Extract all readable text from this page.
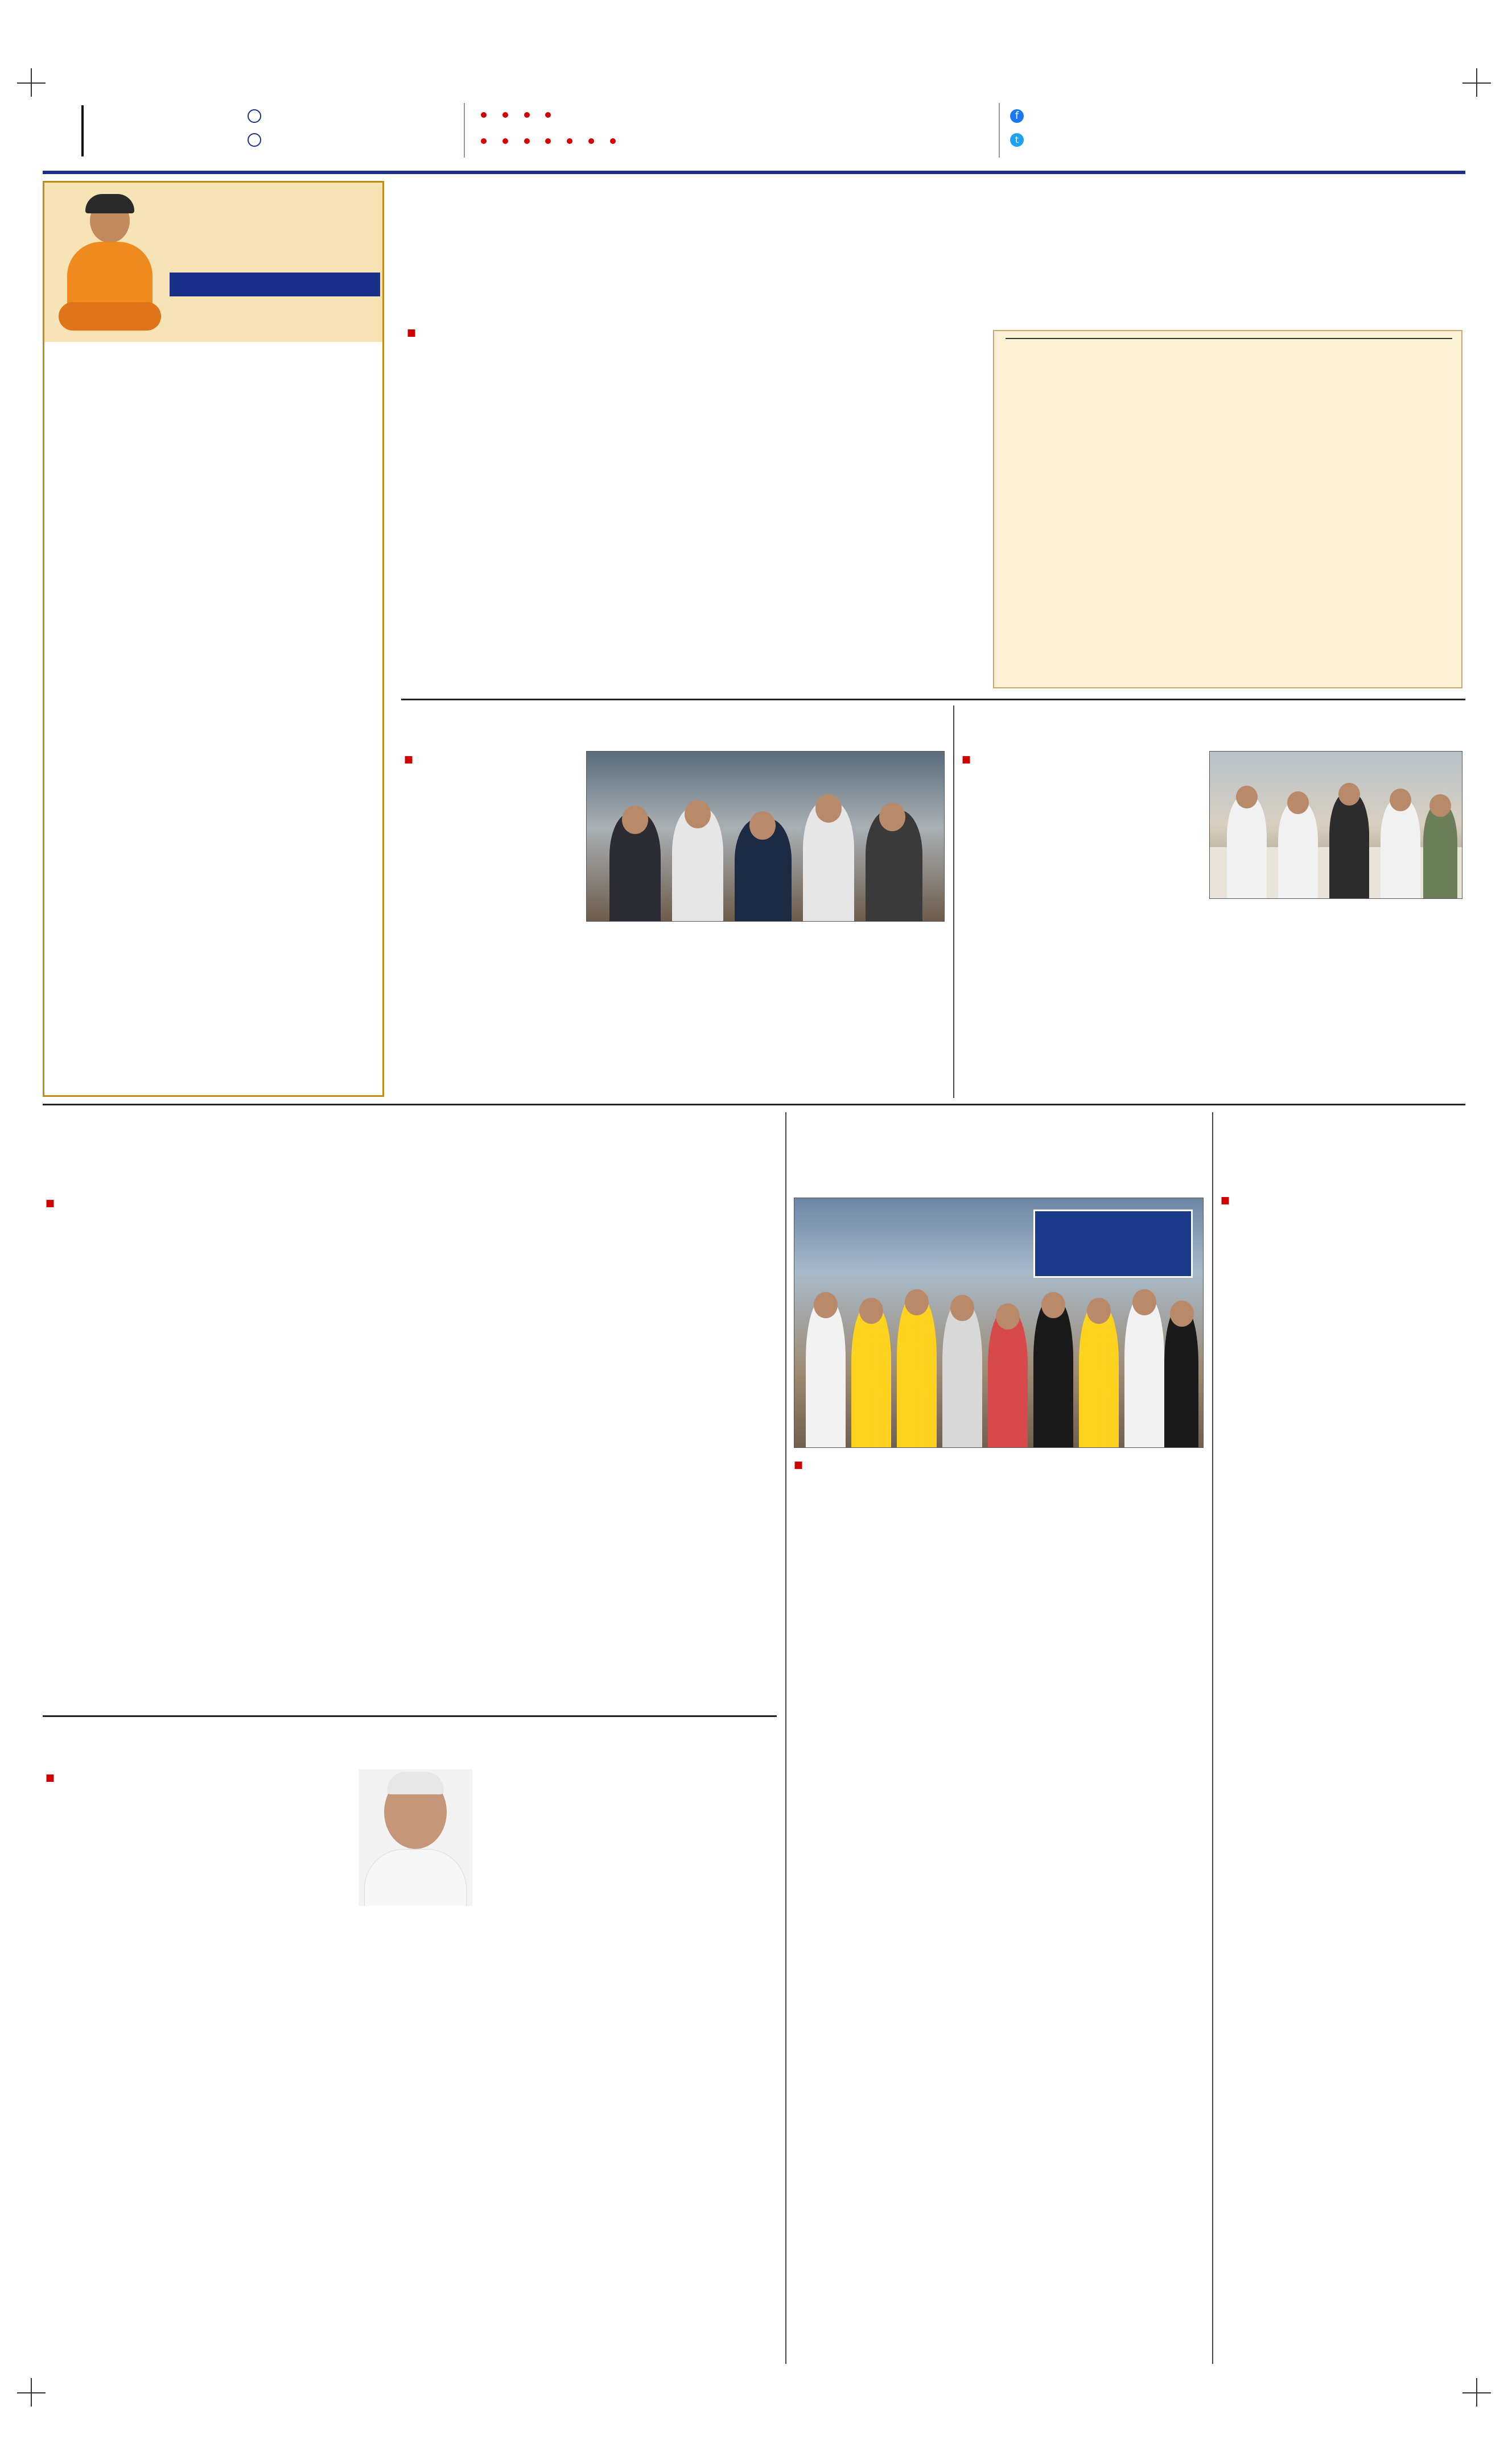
f
t

■
■	■
■
■
■
■
